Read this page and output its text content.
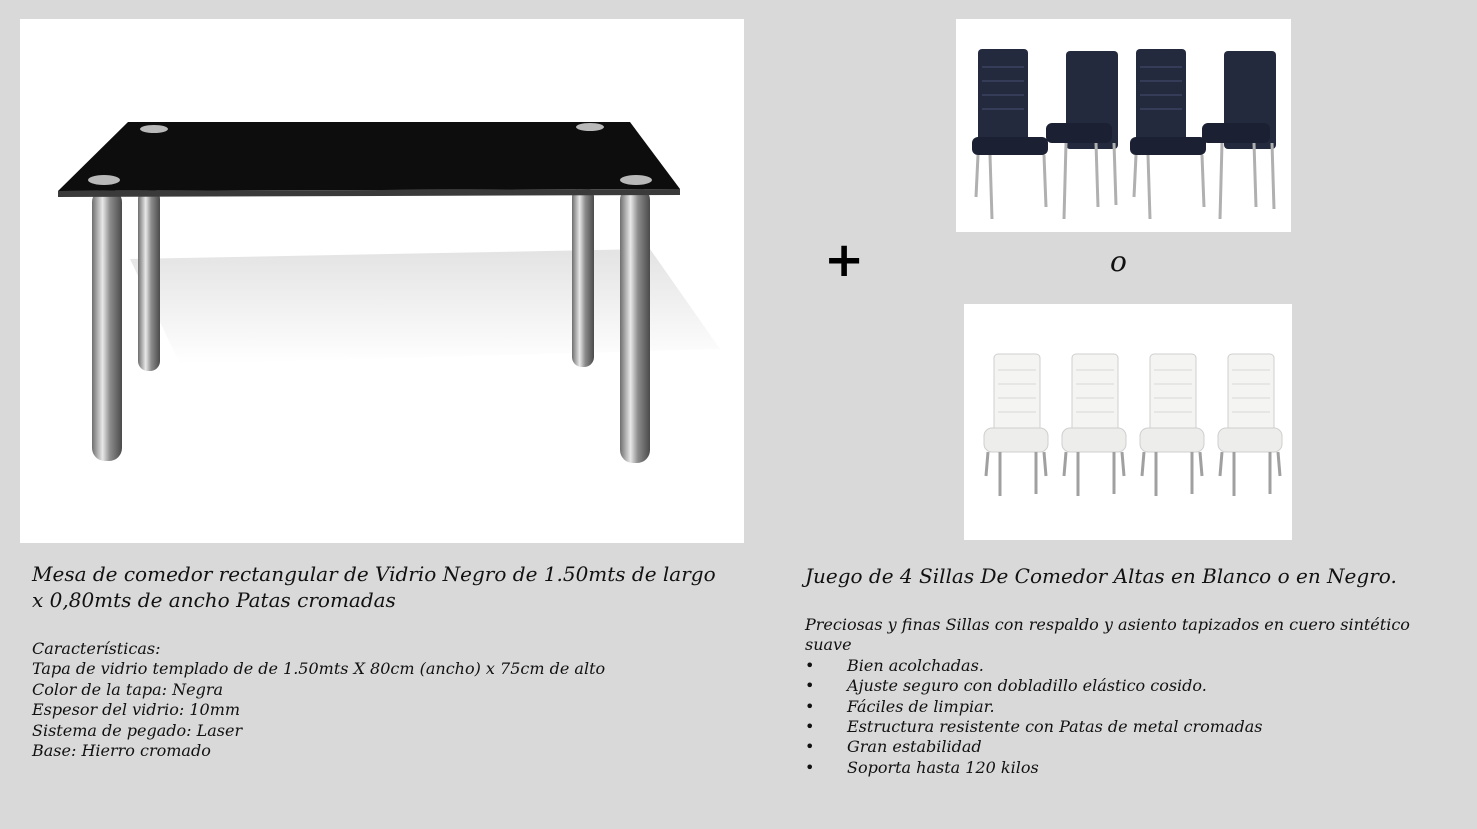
+	o
Mesa de comedor rectangular de Vidrio Negro de 1.50mts de largo x 0,80mts de ancho Patas cromadas
Características:
Tapa de vidrio templado de de 1.50mts X 80cm (ancho) x 75cm de alto
Color de la tapa: Negra
Espesor del vidrio: 10mm
Sistema de pegado: Laser
Base: Hierro cromado
Juego de 4 Sillas De Comedor Altas en Blanco o en Negro.
Preciosas y finas Sillas con respaldo y asiento tapizados en cuero sintético suave
• Bien acolchadas.
• Ajuste seguro con dobladillo elástico cosido.
• Fáciles de limpiar.
• Estructura resistente con Patas de metal cromadas
• Gran estabilidad
• Soporta hasta 120 kilos
